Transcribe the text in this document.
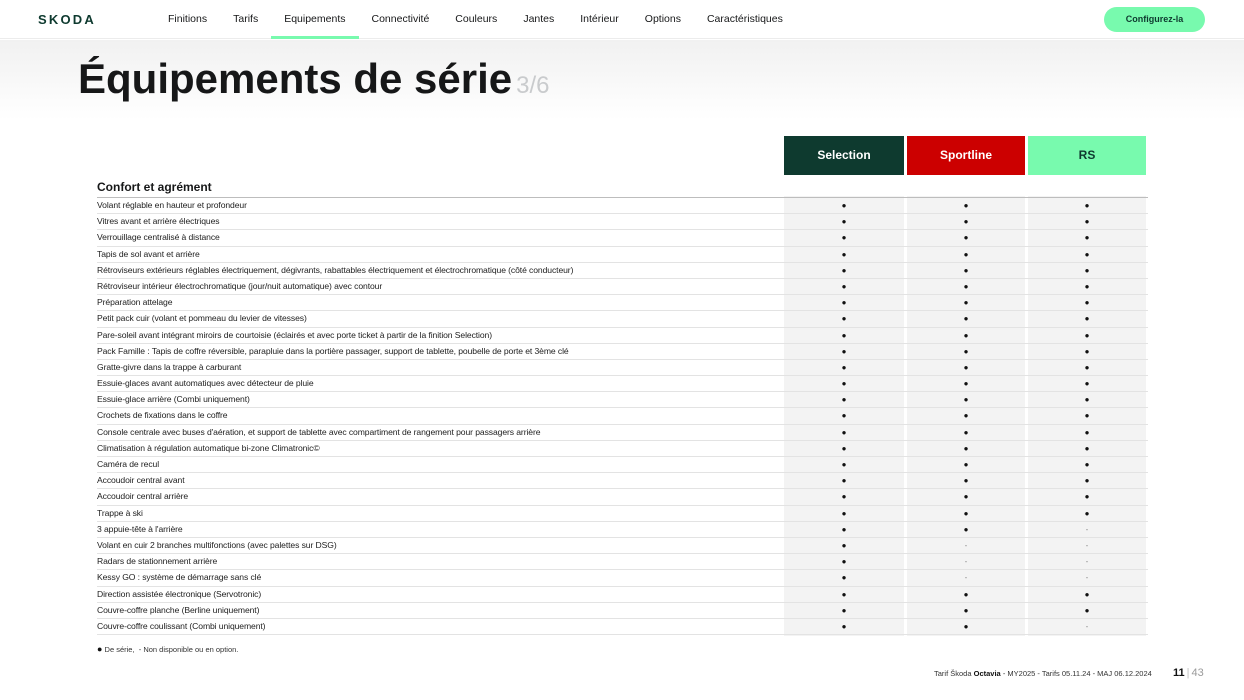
SKODA	Finitions	Tarifs	Equipements	Connectivité	Couleurs	Jantes	Intérieur	Options	Caractéristiques	Configurez-la
Équipements de série 3/6
Selection	Sportline	RS
Confort et agrément
Volant réglable en hauteur et profondeur	●	●	●
Vitres avant et arrière électriques	●	●	●
Verrouillage centralisé à distance	●	●	●
Tapis de sol avant et arrière	●	●	●
Rétroviseurs extérieurs réglables électriquement, dégivrants, rabattables électriquement et électrochromatique (côté conducteur)	●	●	●
Rétroviseur intérieur électrochromatique (jour/nuit automatique) avec contour	●	●	●
Préparation attelage	●	●	●
Petit pack cuir (volant et pommeau du levier de vitesses)	●	●	●
Pare-soleil avant intégrant miroirs de courtoisie (éclairés et avec porte ticket à partir de la finition Selection)	●	●	●
Pack Famille : Tapis de coffre réversible, parapluie dans la portière passager, support de tablette, poubelle de porte et 3ème clé	●	●	●
Gratte-givre dans la trappe à carburant	●	●	●
Essuie-glaces avant automatiques avec détecteur de pluie	●	●	●
Essuie-glace arrière (Combi uniquement)	●	●	●
Crochets de fixations dans le coffre	●	●	●
Console centrale avec buses d'aération, et support de tablette avec compartiment de rangement pour passagers arrière	●	●	●
Climatisation à régulation automatique bi-zone Climatronic©	●	●	●
Caméra de recul	●	●	●
Accoudoir central avant	●	●	●
Accoudoir central arrière	●	●	●
Trappe à ski	●	●	●
3 appuie-tête à l'arrière	●	●	-
Volant en cuir 2 branches multifonctions (avec palettes sur DSG)	●	-	-
Radars de stationnement arrière	●	-	-
Kessy GO : système de démarrage sans clé	●	-	-
Direction assistée électronique (Servotronic)	●	●	●
Couvre-coffre planche (Berline uniquement)	●	●	●
Couvre-coffre coulissant (Combi uniquement)	●	●	-
● De série, - Non disponible ou en option.
Tarif Škoda Octavia - MY2025 - Tarifs 05.11.24 - MAJ 06.12.2024 11 | 43
